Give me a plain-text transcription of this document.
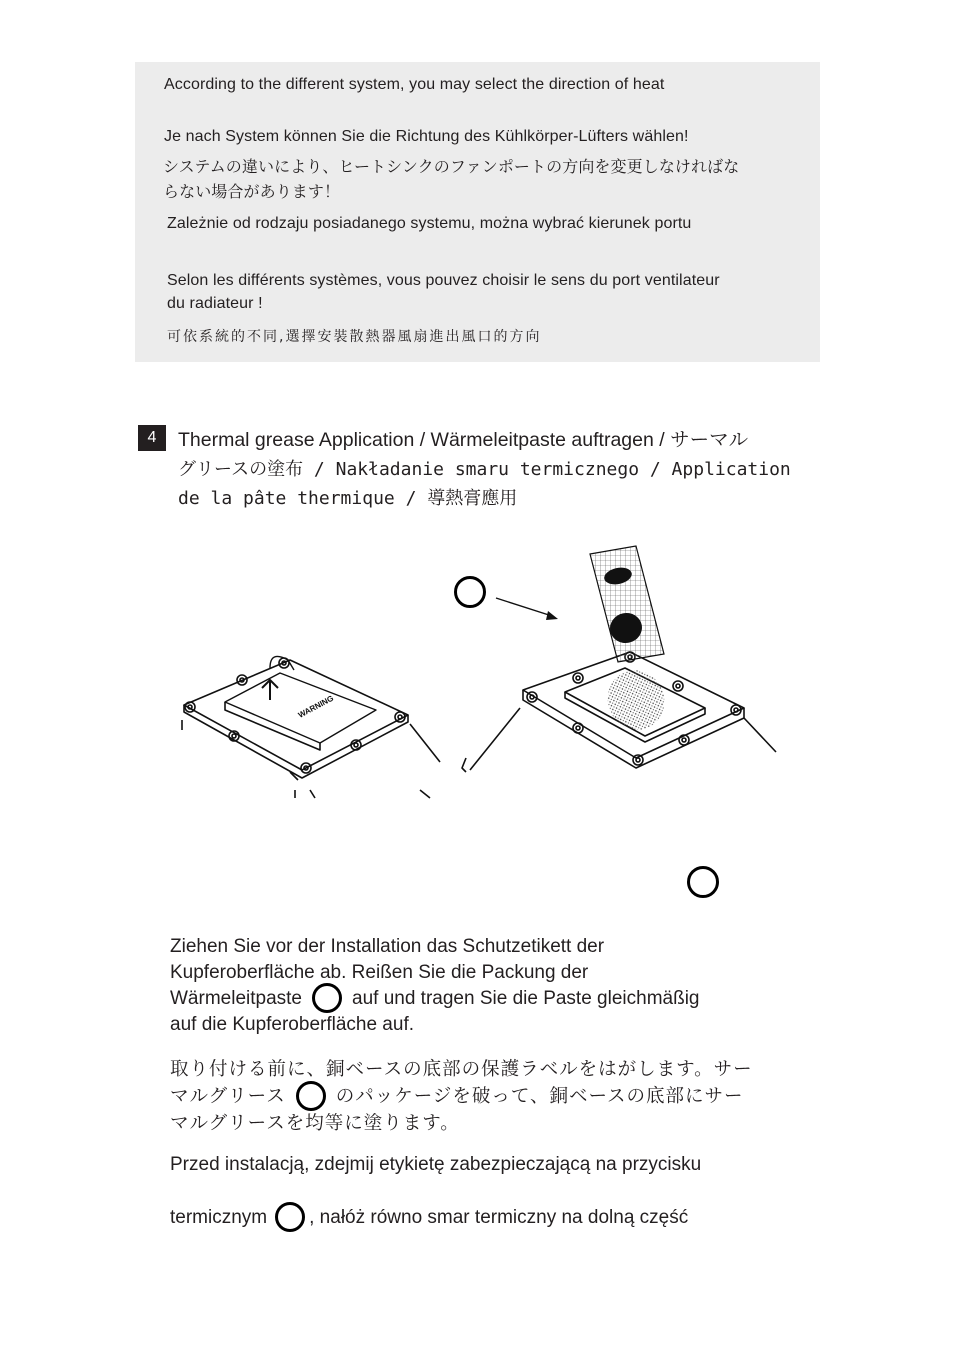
According to the different system, you may select the direction of heat
Je nach System können Sie die Richtung des Kühlkörper-Lüfters wählen!
システムの違いにより、ヒートシンクのファンポートの方向を変更しなければな
らない場合があります！
Zależnie od rodzaju posiadanego systemu, można wybrać kierunek portu
Selon les différents systèmes, vous pouvez choisir le sens du port ventilateur
du radiateur !
可依系統的不同,選擇安裝散熱器風扇進出風口的方向
4	Thermal grease Application / Wärmeleitpaste auftragen / サーマル
グリースの塗布 / Nakładanie smaru termicznego / Application
de la pâte thermique / 導熱膏應用
WARNING
Ziehen Sie vor der Installation das Schutzetikett der
Kupferoberfläche ab. Reißen Sie die Packung der
Wärmeleitpaste	auf und tragen Sie die Paste gleichmäßig
auf die Kupferoberfläche auf.
取り付ける前に、銅ベースの底部の保護ラベルをはがします。サー
マルグリース	のパッケージを破って、銅ベースの底部にサー
マルグリースを均等に塗ります。
Przed instalacją, zdejmij etykietę zabezpieczającą na przycisku
termicznym , nałóż równo smar termiczny na dolną część
